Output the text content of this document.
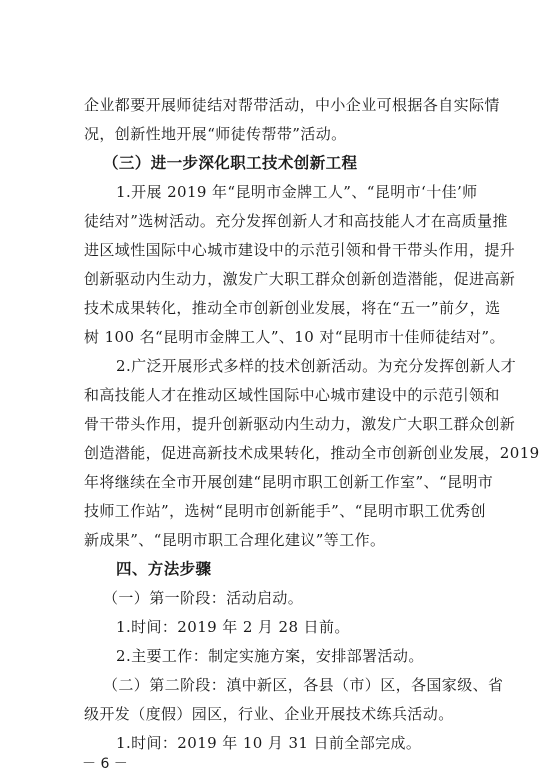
企业都要开展师徒结对帮带活动，中小企业可根据各自实际情
况，创新性地开展“师徒传帮带”活动。
（三）进一步深化职工技术创新工程
1.开展 2019 年“昆明市金牌工人”、“昆明市‘十佳’师
徒结对”选树活动。充分发挥创新人才和高技能人才在高质量推
进区域性国际中心城市建设中的示范引领和骨干带头作用，提升
创新驱动内生动力，激发广大职工群众创新创造潜能，促进高新
技术成果转化，推动全市创新创业发展，将在“五一”前夕，选
树 100 名“昆明市金牌工人”、10 对“昆明市十佳师徒结对”。
2.广泛开展形式多样的技术创新活动。为充分发挥创新人才
和高技能人才在推动区域性国际中心城市建设中的示范引领和
骨干带头作用，提升创新驱动内生动力，激发广大职工群众创新
创造潜能，促进高新技术成果转化，推动全市创新创业发展，2019
年将继续在全市开展创建“昆明市职工创新工作室”、“昆明市
技师工作站”，选树“昆明市创新能手”、“昆明市职工优秀创
新成果”、“昆明市职工合理化建议”等工作。
四、方法步骤
（一）第一阶段：活动启动。
1.时间：2019 年 2 月 28 日前。
2.主要工作：制定实施方案，安排部署活动。
（二）第二阶段：滇中新区，各县（市）区，各国家级、省
级开发（度假）园区，行业、企业开展技术练兵活动。
1.时间：2019 年 10 月 31 日前全部完成。
－ 6 －
